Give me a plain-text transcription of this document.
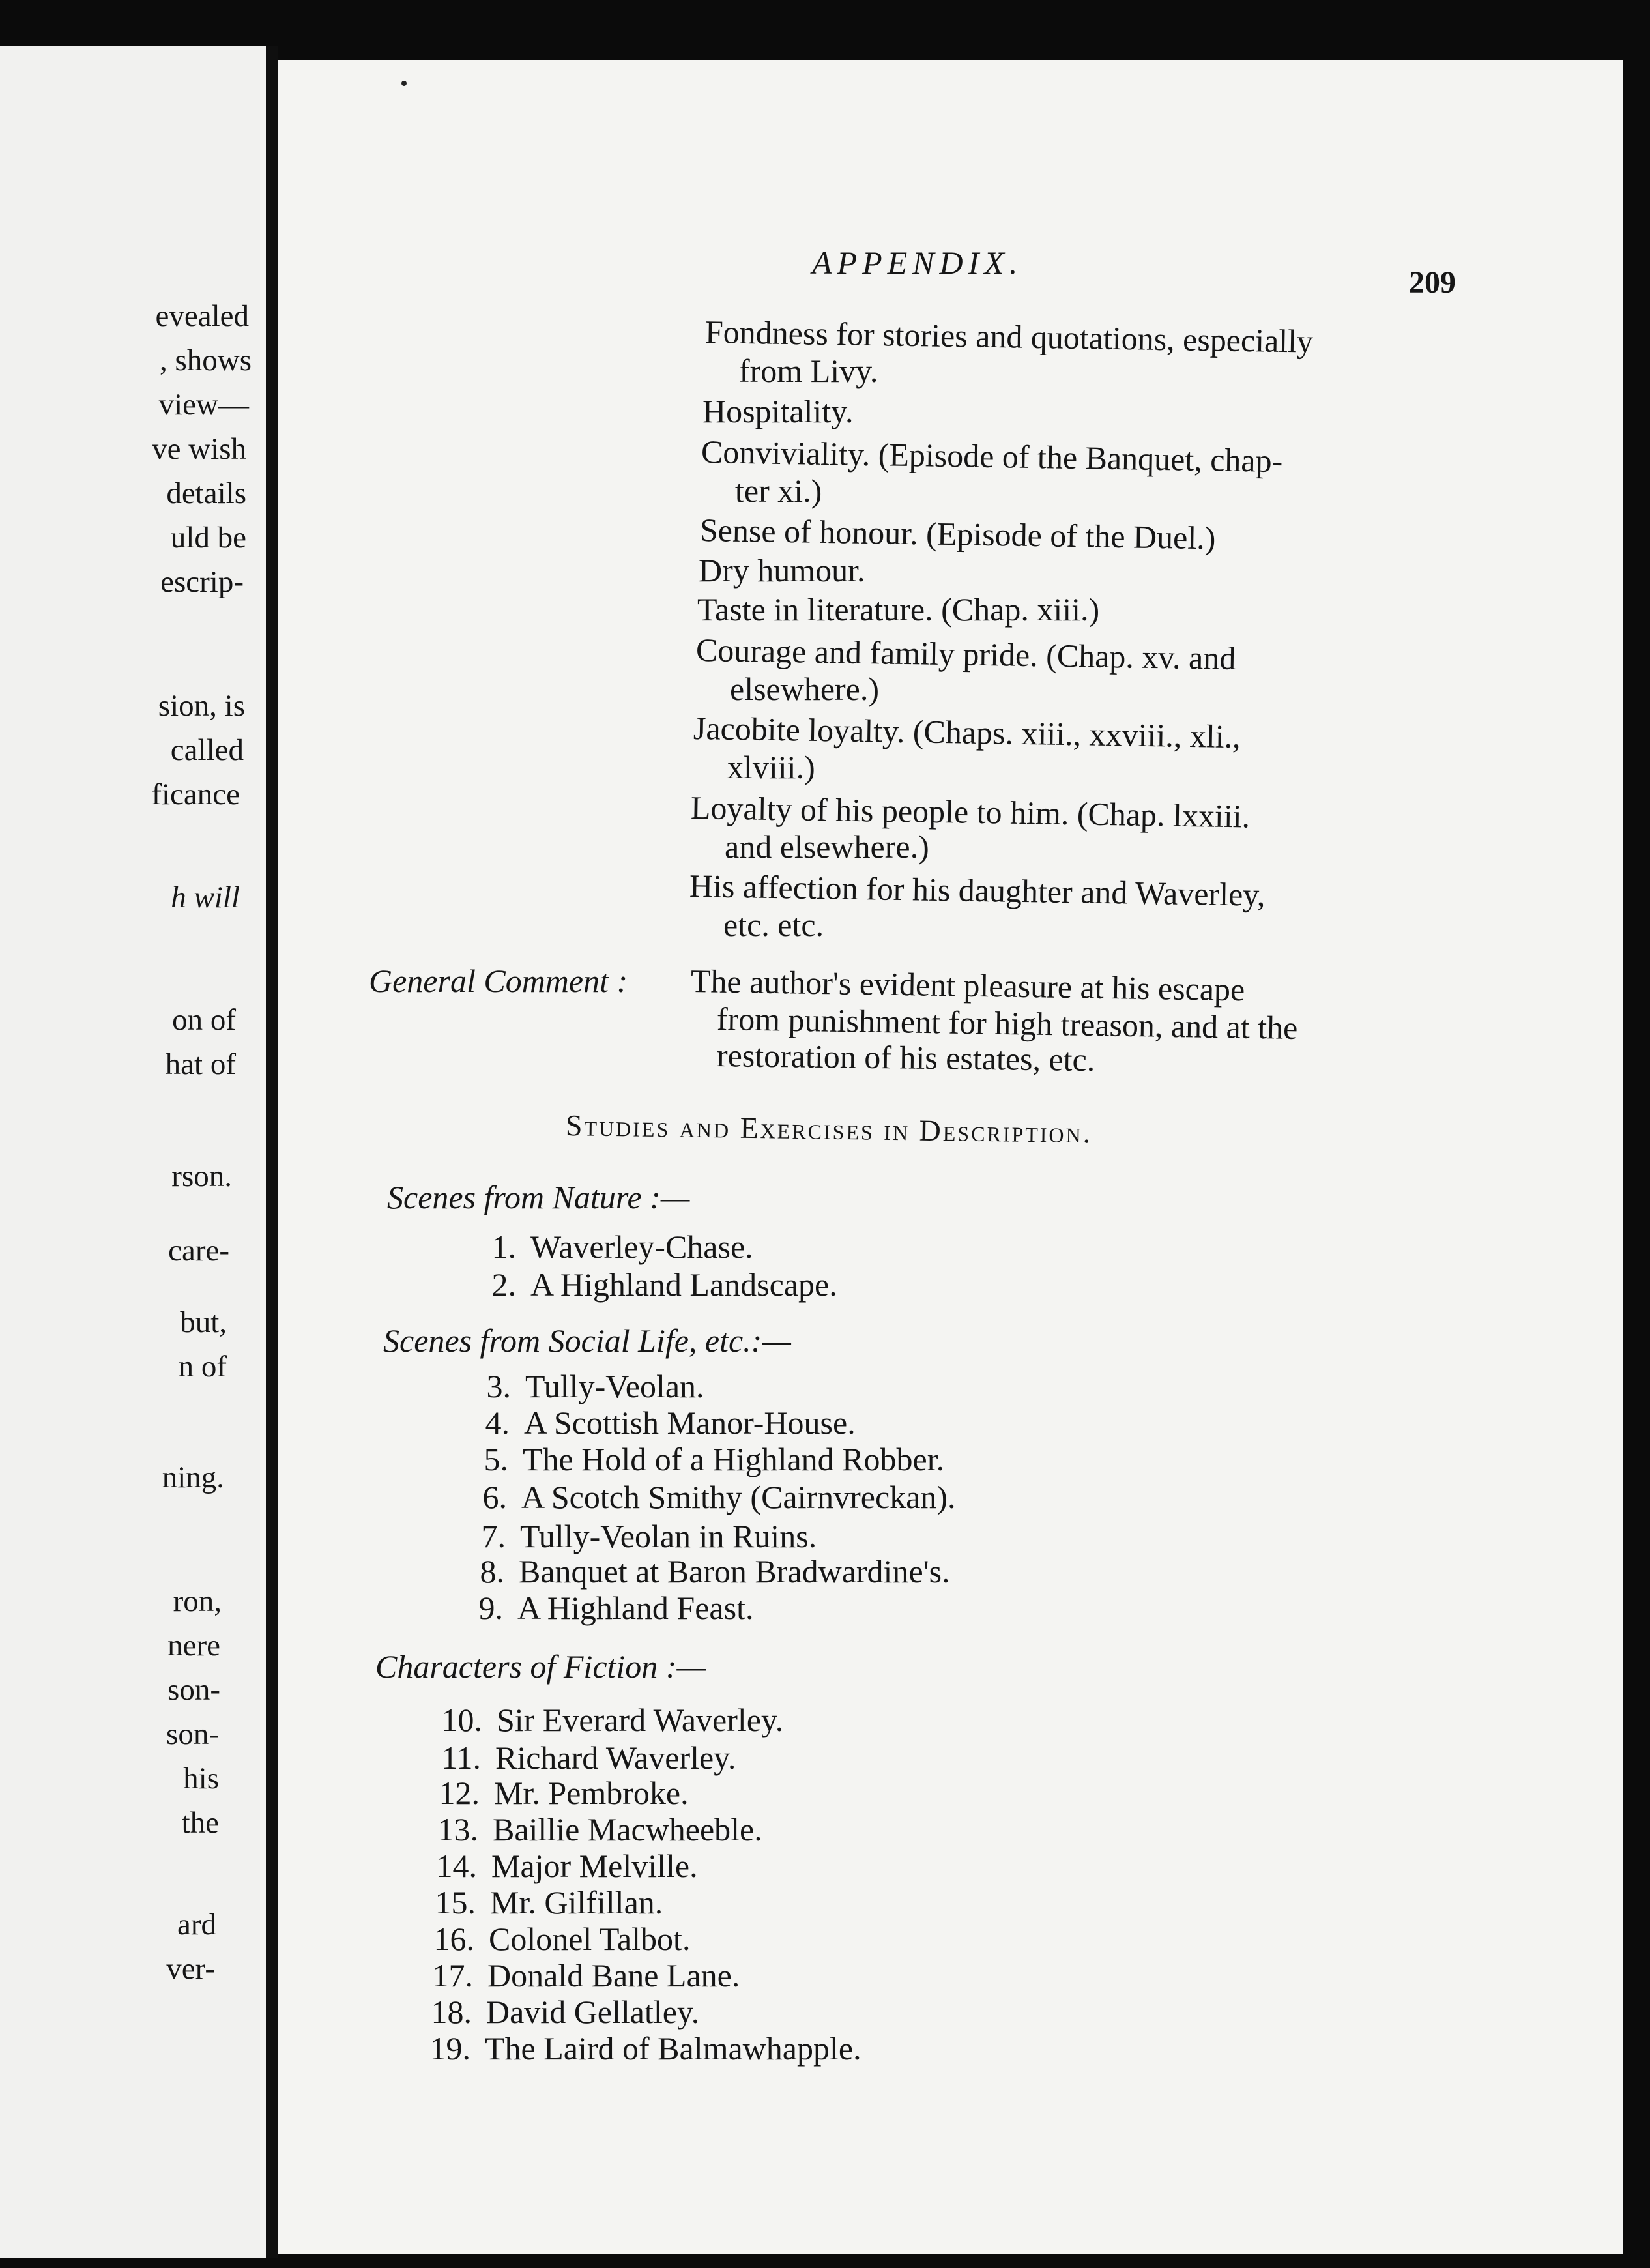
evealed
, shows
view—
ve wish
details
uld be
escrip-
sion, is
called
ficance
h will
on of
hat of
rson.
care-
but,
n of
ning.
ron,
nere
son-
son-
his
the
ard
ver-
APPENDIX.
209
Fondness for stories and quotations, especially
from Livy.
Hospitality.
Conviviality. (Episode of the Banquet, chap-
ter xi.)
Sense of honour. (Episode of the Duel.)
Dry humour.
Taste in literature. (Chap. xiii.)
Courage and family pride. (Chap. xv. and
elsewhere.)
Jacobite loyalty. (Chaps. xiii., xxviii., xli.,
xlviii.)
Loyalty of his people to him. (Chap. lxxiii.
and elsewhere.)
His affection for his daughter and Waverley,
etc. etc.
General Comment : The author's evident pleasure at his escape
from punishment for high treason, and at the
restoration of his estates, etc.
Studies and Exercises in Description.
Scenes from Nature :—
1. Waverley-Chase.
2. A Highland Landscape.
Scenes from Social Life, etc.:—
3. Tully-Veolan.
4. A Scottish Manor-House.
5. The Hold of a Highland Robber.
6. A Scotch Smithy (Cairnvreckan).
7. Tully-Veolan in Ruins.
8. Banquet at Baron Bradwardine's.
9. A Highland Feast.
Characters of Fiction :—
10. Sir Everard Waverley.
11. Richard Waverley.
12. Mr. Pembroke.
13. Baillie Macwheeble.
14. Major Melville.
15. Mr. Gilfillan.
16. Colonel Talbot.
17. Donald Bane Lane.
18. David Gellatley.
19. The Laird of Balmawhapple.
